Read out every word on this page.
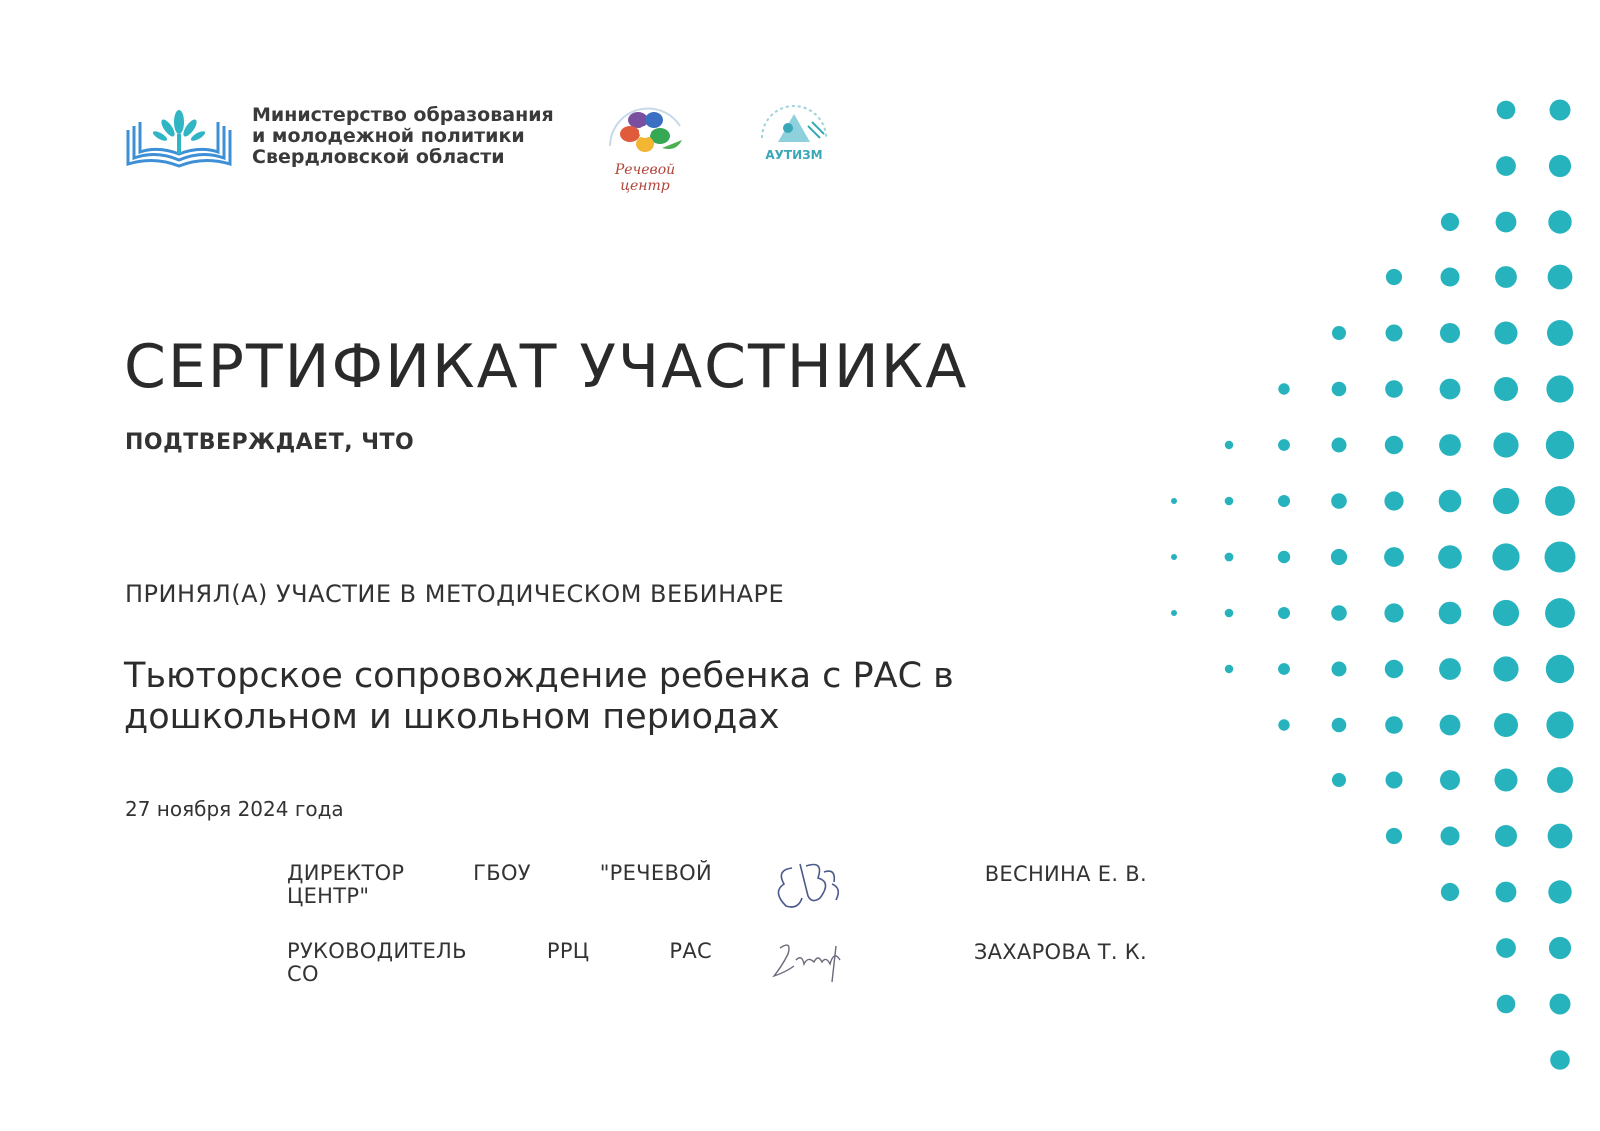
Министерство образования
и молодежной политики
Свердловской области
Речевой центр
АУТИЗМ
СЕРТИФИКАТ УЧАСТНИКА
ПОДТВЕРЖДАЕТ, ЧТО
ПРИНЯЛ(А) УЧАСТИЕ В МЕТОДИЧЕСКОМ ВЕБИНАРЕ
Тьюторское сопровождение ребенка с РАС в
дошкольном и школьном периодах
27 ноября 2024 года
ДИРЕКТОР ГБОУ "РЕЧЕВОЙ
ЦЕНТР"
ВЕСНИНА Е. В.
РУКОВОДИТЕЛЬ РРЦ РАС
СО
ЗАХАРОВА Т. К.
